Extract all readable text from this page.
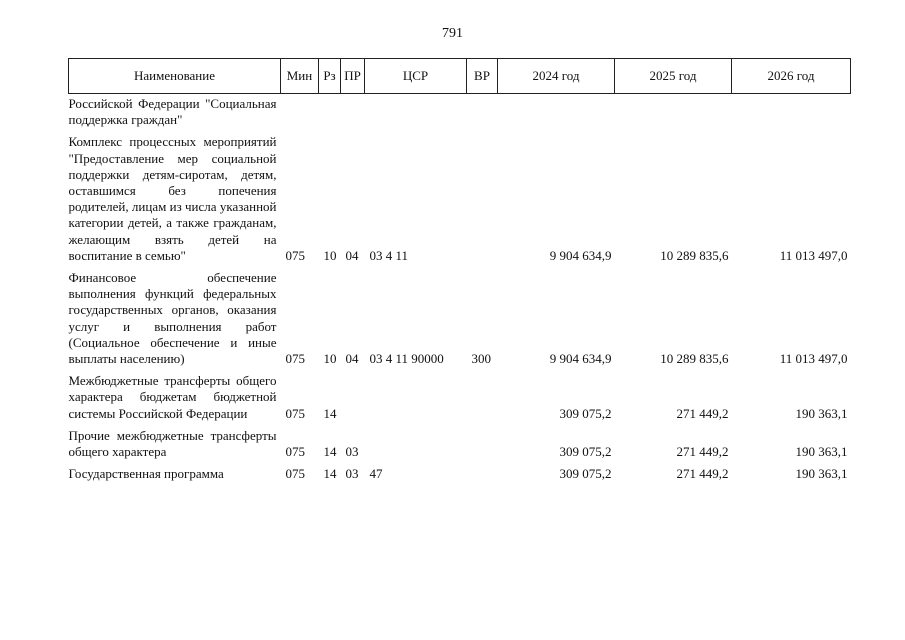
791
Наименование	Мин	Рз	ПР	ЦСР	ВР	2024 год	2025 год	2026 год
Российской Федерации "Социальная поддержка граждан"								
Комплекс процессных мероприятий "Предоставление мер социальной поддержки детям-сиротам, детям, оставшимся без попечения родителей, лицам из числа указанной категории детей, а также гражданам, желающим взять детей на воспитание в семью"	075	10	04	03 4 11		9 904 634,9	10 289 835,6	11 013 497,0
Финансовое обеспечение выполнения функций федеральных государственных органов, оказания услуг и выполнения работ (Социальное обеспечение и иные выплаты населению)	075	10	04	03 4 11 90000	300	9 904 634,9	10 289 835,6	11 013 497,0
Межбюджетные трансферты общего характера бюджетам бюджетной системы Российской Федерации	075	14				309 075,2	271 449,2	190 363,1
Прочие межбюджетные трансферты общего характера	075	14	03			309 075,2	271 449,2	190 363,1
Государственная программа	075	14	03	47		309 075,2	271 449,2	190 363,1
